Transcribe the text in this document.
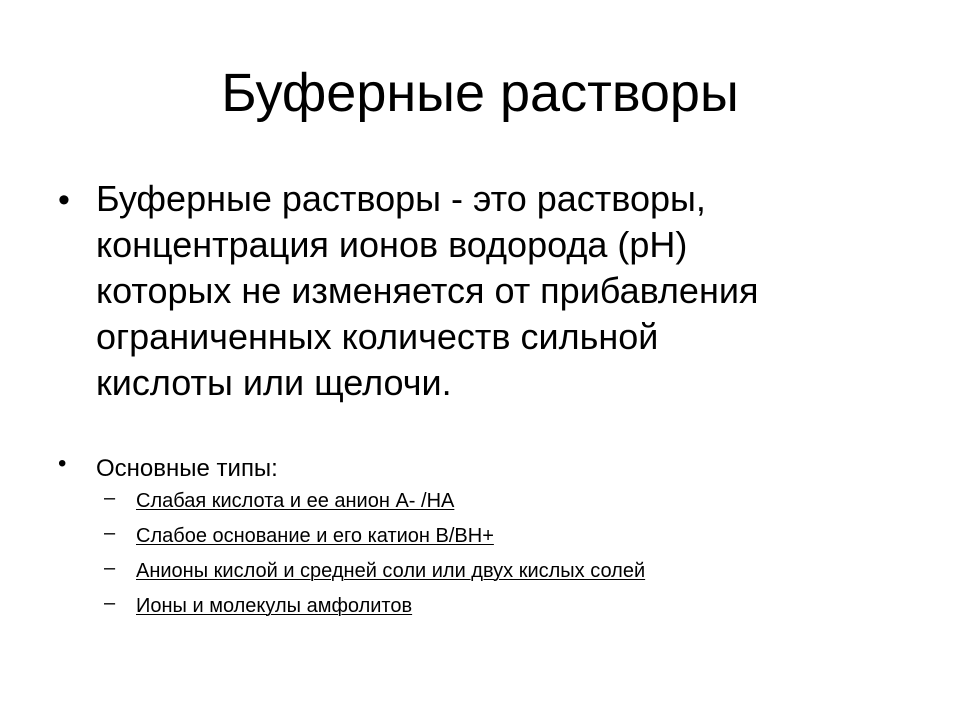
Буферные растворы
• Буферные растворы - это растворы,
концентрация ионов водорода (pH)
которых не изменяется от прибавления
ограниченных количеств сильной
кислоты или щелочи.
• Основные типы:
– Слабая кислота и ее анион А- /НА
– Слабое основание и его катион В/ВН+
– Анионы кислой и средней соли или двух кислых солей
– Ионы и молекулы амфолитов
